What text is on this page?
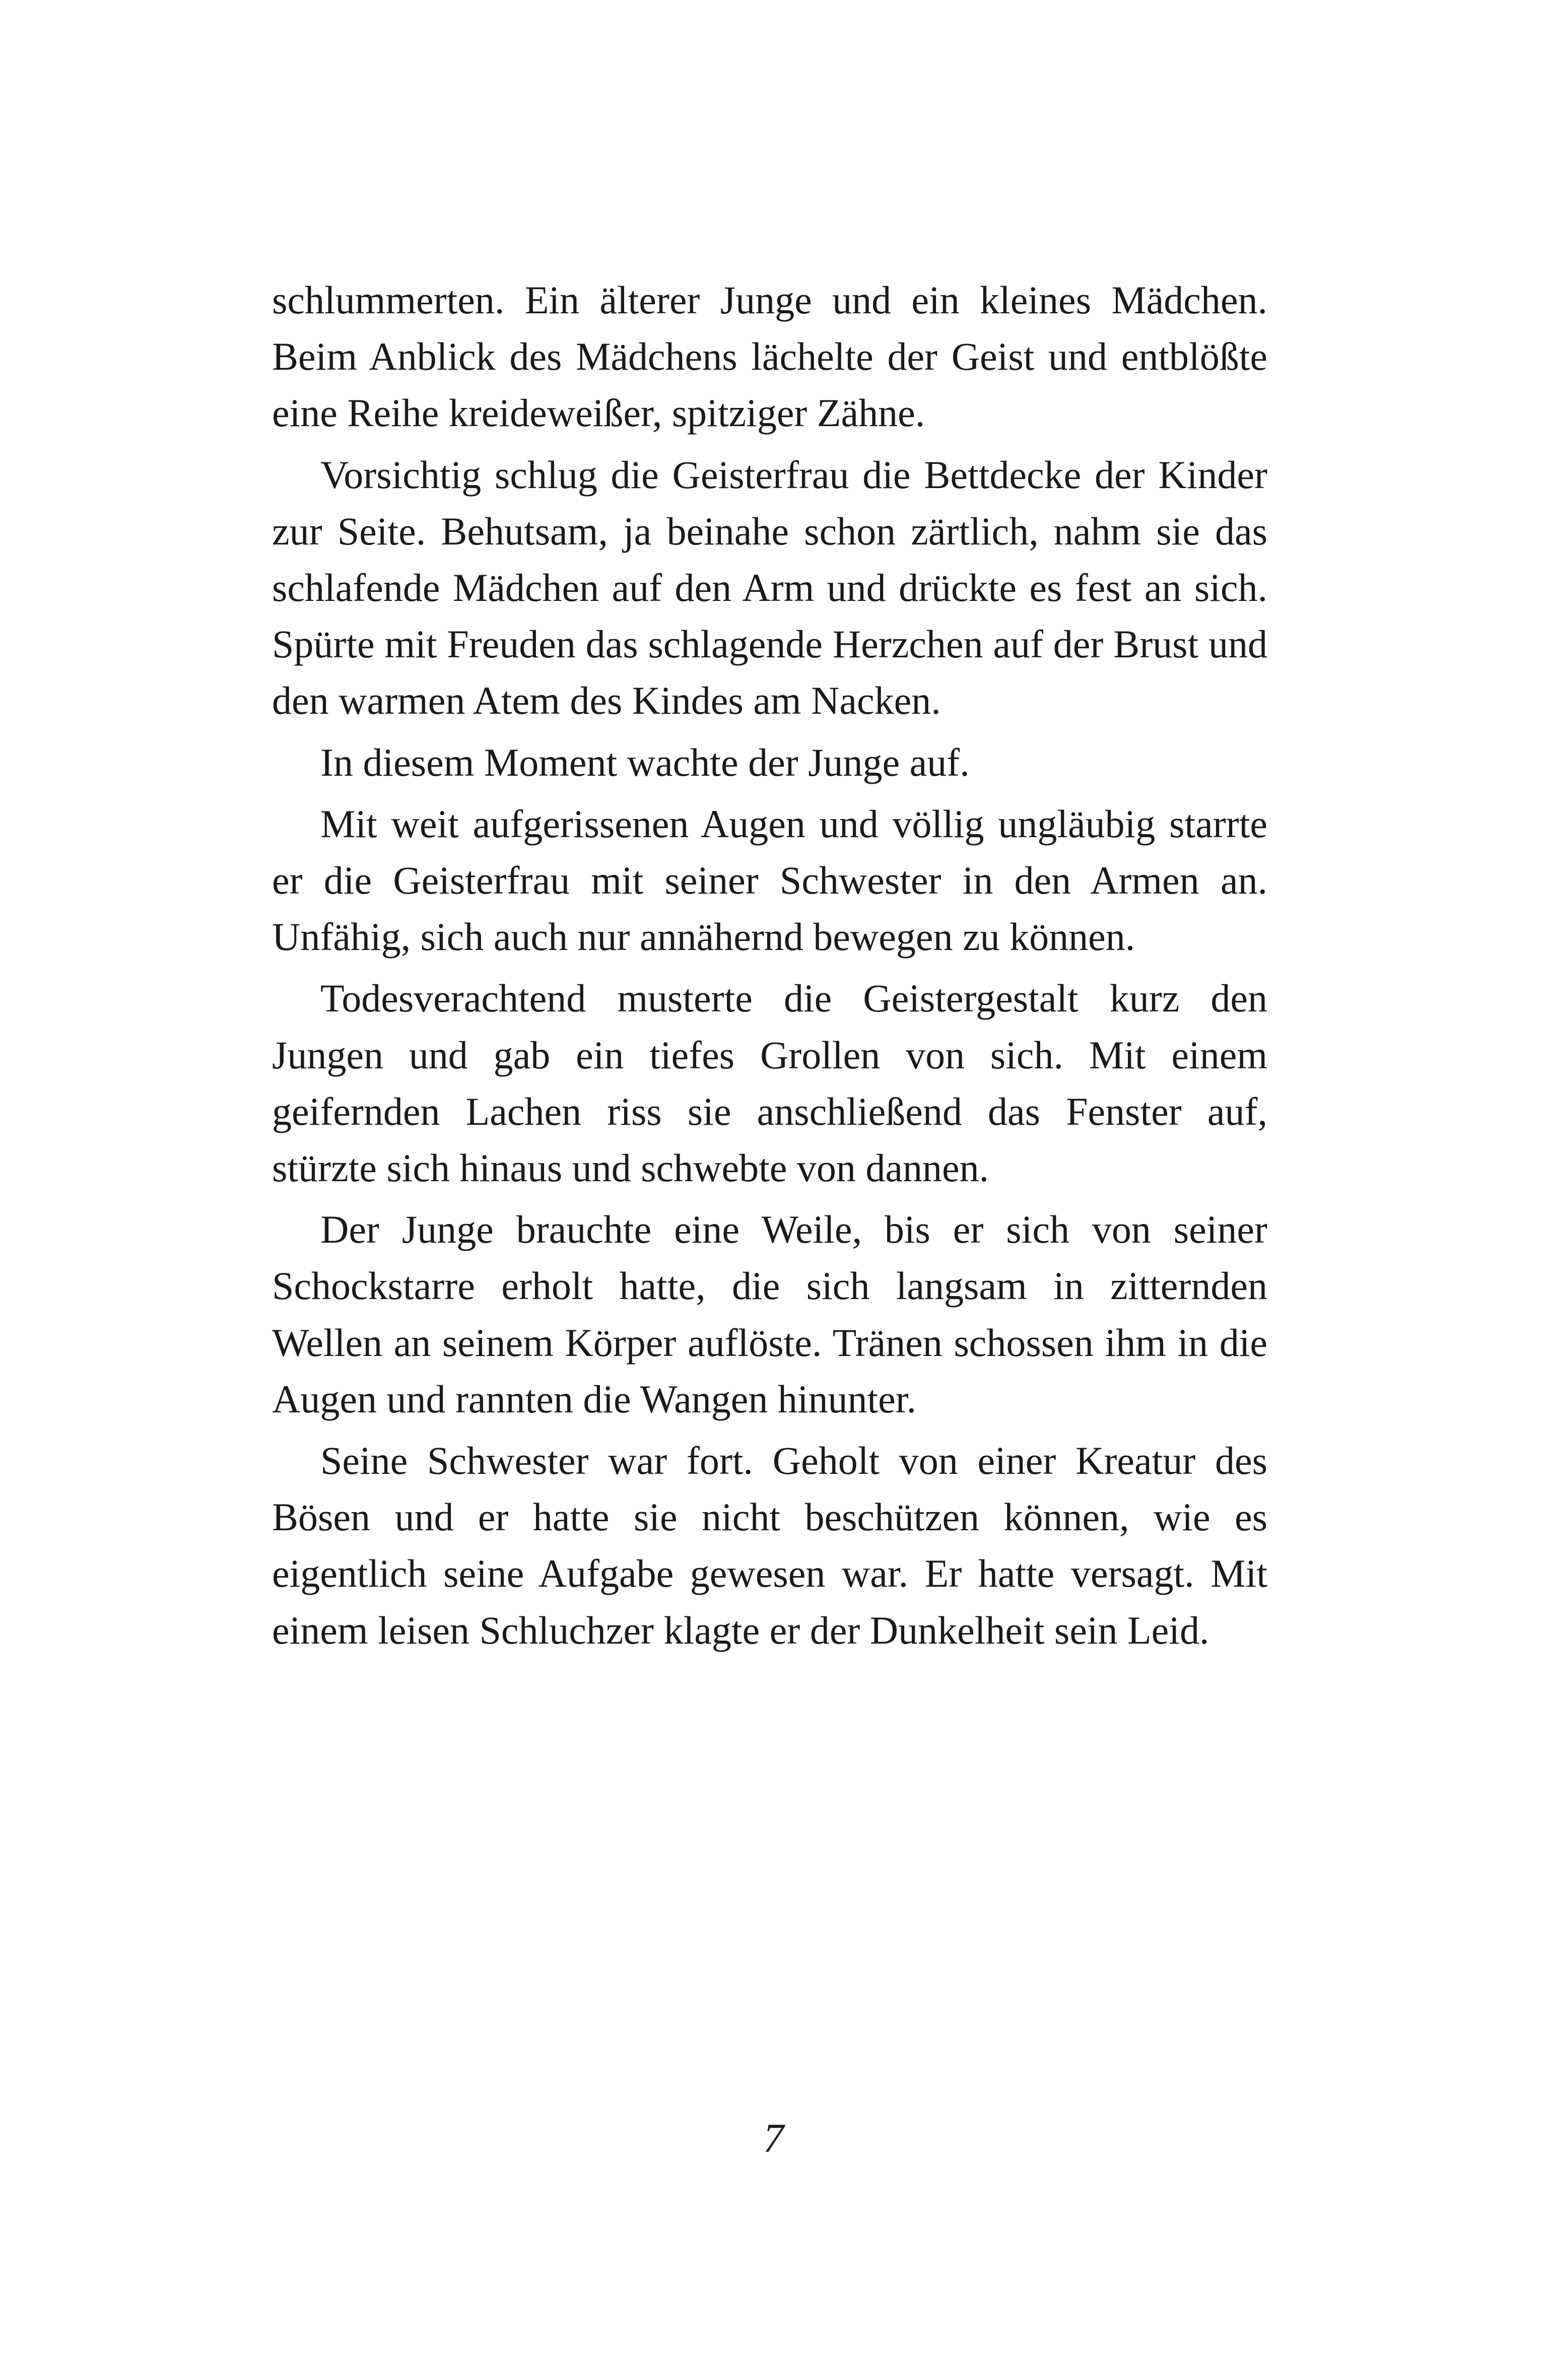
schlummerten. Ein älterer Junge und ein kleines Mädchen. Beim Anblick des Mädchens lächelte der Geist und entblößte eine Reihe kreideweißer, spitziger Zähne.

Vorsichtig schlug die Geisterfrau die Bettdecke der Kinder zur Seite. Behutsam, ja beinahe schon zärtlich, nahm sie das schlafende Mädchen auf den Arm und drückte es fest an sich. Spürte mit Freuden das schlagende Herzchen auf der Brust und den warmen Atem des Kindes am Nacken.

In diesem Moment wachte der Junge auf.

Mit weit aufgerissenen Augen und völlig ungläubig starrte er die Geisterfrau mit seiner Schwester in den Armen an. Unfähig, sich auch nur annähernd bewegen zu können.

Todesverachtend musterte die Geistergestalt kurz den Jungen und gab ein tiefes Grollen von sich. Mit einem geifernden Lachen riss sie anschließend das Fenster auf, stürzte sich hinaus und schwebte von dannen.

Der Junge brauchte eine Weile, bis er sich von seiner Schockstarre erholt hatte, die sich langsam in zitternden Wellen an seinem Körper auflöste. Tränen schossen ihm in die Augen und rannten die Wangen hinunter.

Seine Schwester war fort. Geholt von einer Kreatur des Bösen und er hatte sie nicht beschützen können, wie es eigentlich seine Aufgabe gewesen war. Er hatte versagt. Mit einem leisen Schluchzer klagte er der Dunkelheit sein Leid.

7
